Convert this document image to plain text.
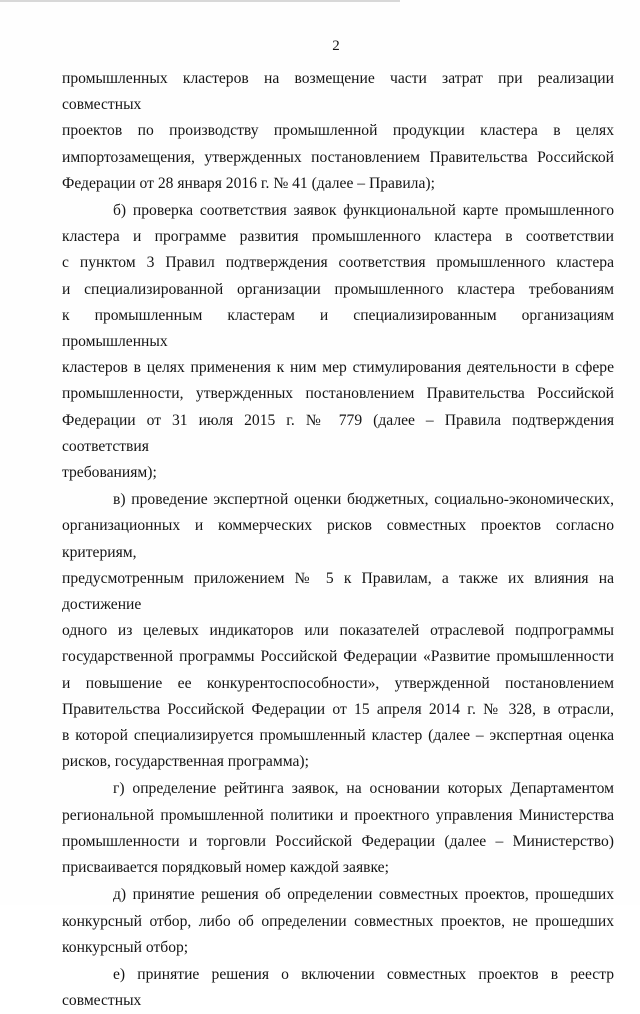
2

промышленных кластеров на возмещение части затрат при реализации совместных

проектов по производству промышленной продукции кластера в целях

импортозамещения, утвержденных постановлением Правительства Российской

Федерации от 28 января 2016 г. № 41 (далее – Правила);

б) проверка соответствия заявок функциональной карте промышленного

кластера и программе развития промышленного кластера в соответствии

с пунктом 3 Правил подтверждения соответствия промышленного кластера

и специализированной организации промышленного кластера требованиям

к промышленным кластерам и специализированным организациям промышленных

кластеров в целях применения к ним мер стимулирования деятельности в сфере

промышленности, утвержденных постановлением Правительства Российской

Федерации от 31 июля 2015 г. № 779 (далее – Правила подтверждения соответствия

требованиям);

в) проведение экспертной оценки бюджетных, социально-экономических,

организационных и коммерческих рисков совместных проектов согласно критериям,

предусмотренным приложением № 5 к Правилам, а также их влияния на достижение

одного из целевых индикаторов или показателей отраслевой подпрограммы

государственной программы Российской Федерации «Развитие промышленности

и повышение ее конкурентоспособности», утвержденной постановлением

Правительства Российской Федерации от 15 апреля 2014 г. № 328, в отрасли,

в которой специализируется промышленный кластер (далее – экспертная оценка

рисков, государственная программа);

г) определение рейтинга заявок, на основании которых Департаментом

региональной промышленной политики и проектного управления Министерства

промышленности и торговли Российской Федерации (далее – Министерство)

присваивается порядковый номер каждой заявке;

д) принятие решения об определении совместных проектов, прошедших

конкурсный отбор, либо об определении совместных проектов, не прошедших

конкурсный отбор;

е) принятие решения о включении совместных проектов в реестр совместных
